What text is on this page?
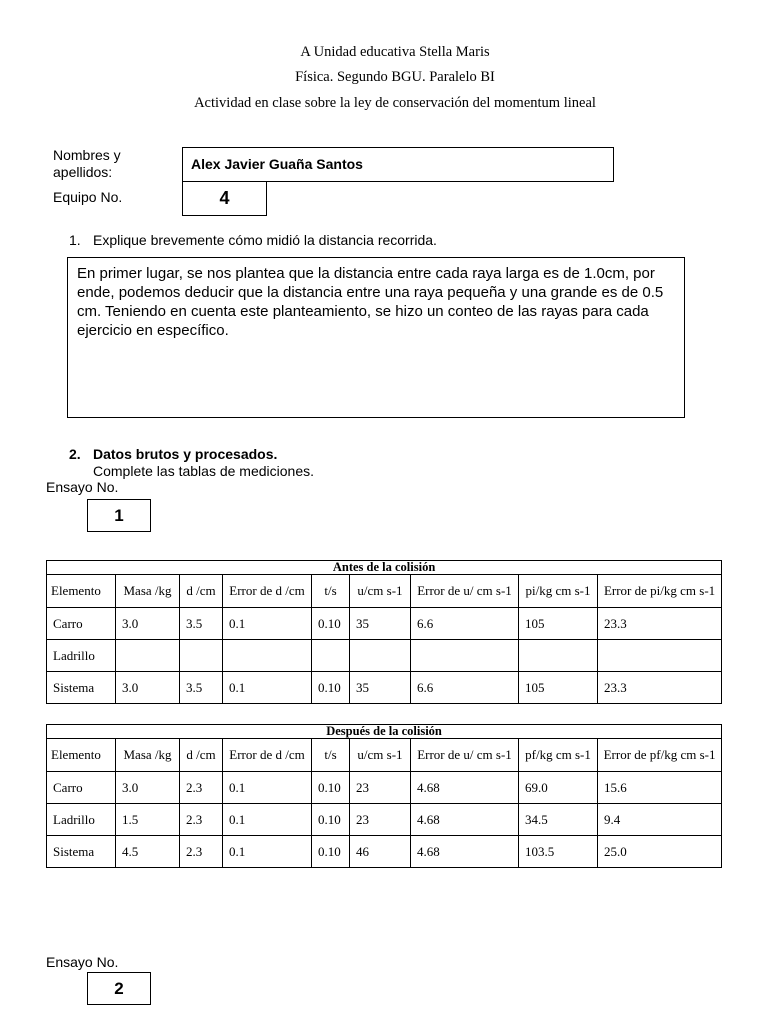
A Unidad educativa Stella Maris
Física. Segundo BGU. Paralelo BI
Actividad en clase sobre la ley de conservación del momentum lineal
Nombres y apellidos:	Alex Javier Guaña Santos
Equipo No.	4
1. Explique brevemente cómo midió la distancia recorrida.
En primer lugar, se nos plantea que la distancia entre cada raya larga es de 1.0cm, por ende, podemos deducir que la distancia entre una raya pequeña y una grande es de 0.5 cm. Teniendo en cuenta este planteamiento, se hizo un conteo de las rayas para cada ejercicio en específico.
2. Datos brutos y procesados.
Complete las tablas de mediciones.
Ensayo No.
1
Antes de la colisión								
Elemento	Masa /kg	d /cm	Error de d /cm	t/s	u/cm s-1	Error de u/ cm s-1	pi/kg cm s-1	Error de pi/kg cm s-1
Carro	3.0	3.5	0.1	0.10	35	6.6	105	23.3
Ladrillo								
Sistema	3.0	3.5	0.1	0.10	35	6.6	105	23.3
Después de la colisión								
Elemento	Masa /kg	d /cm	Error de d /cm	t/s	u/cm s-1	Error de u/ cm s-1	pf/kg cm s-1	Error de pf/kg cm s-1
Carro	3.0	2.3	0.1	0.10	23	4.68	69.0	15.6
Ladrillo	1.5	2.3	0.1	0.10	23	4.68	34.5	9.4
Sistema	4.5	2.3	0.1	0.10	46	4.68	103.5	25.0
Ensayo No.
2
